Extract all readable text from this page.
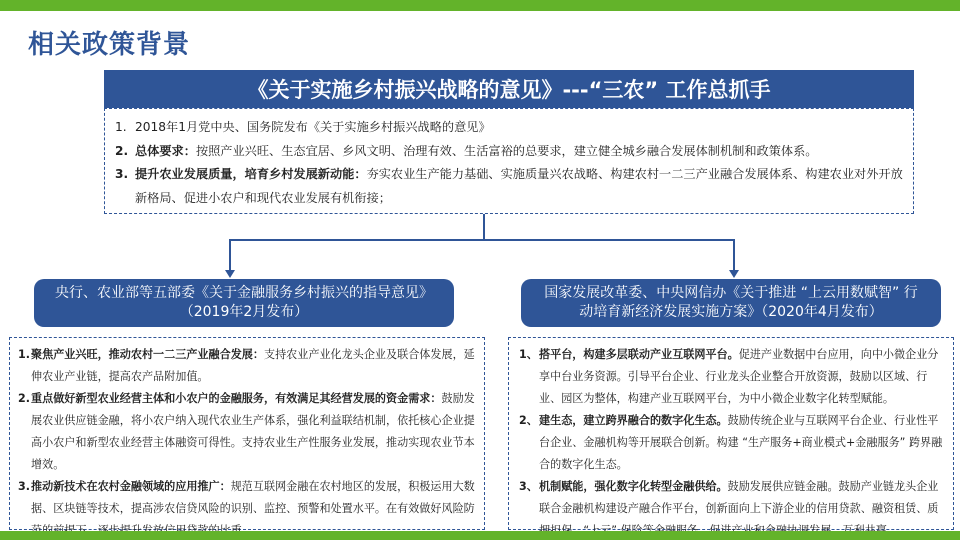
相关政策背景
《关于实施乡村振兴战略的意见》---“三农” 工作总抓手
1. 2018年1月党中央、国务院发布《关于实施乡村振兴战略的意见》
2. 总体要求：按照产业兴旺、生态宜居、乡风文明、治理有效、生活富裕的总要求，建立健全城乡融合发展体制机制和政策体系。
3. 提升农业发展质量，培育乡村发展新动能：夯实农业生产能力基础、实施质量兴农战略、构建农村一二三产业融合发展体系、构建农业对外开放新格局、促进小农户和现代农业发展有机衔接；
央行、农业部等五部委《关于金融服务乡村振兴的指导意见》
（2019年2月发布）
国家发展改革委、中央网信办《关于推进 “上云用数赋智” 行
动培育新经济发展实施方案》（2020年4月发布）
1. 聚焦产业兴旺，推动农村一二三产业融合发展：支持农业产业化龙头企业及联合体发展，延伸农业产业链，提高农产品附加值。
2. 重点做好新型农业经营主体和小农户的金融服务，有效满足其经营发展的资金需求：鼓励发展农业供应链金融，将小农户纳入现代农业生产体系，强化利益联结机制，依托核心企业提高小农户和新型农业经营主体融资可得性。支持农业生产性服务业发展，推动实现农业节本增效。
3. 推动新技术在农村金融领域的应用推广：规范互联网金融在农村地区的发展，积极运用大数据、区块链等技术，提高涉农信贷风险的识别、监控、预警和处置水平。在有效做好风险防
1、 搭平台，构建多层联动产业互联网平台。促进产业数据中台应用，向中小微企业分享中台业务资源。引导平台企业、行业龙头企业整合开放资源，鼓励以区域、行业、园区为整体，构建产业互联网平台，为中小微企业数字化转型赋能。
2、 建生态，建立跨界融合的数字化生态。鼓励传统企业与互联网平台企业、行业性平台企业、金融机构等开展联合创新。构建 “生产服务+商业模式+金融服务” 跨界融合的数字化生态。
3、 机制赋能，强化数字化转型金融供给。鼓励发展供应链金融。鼓励产业链龙头企业联合金融机构建设产融合作平台，创新面向上下游企业的信用贷款、融资租赁、质
